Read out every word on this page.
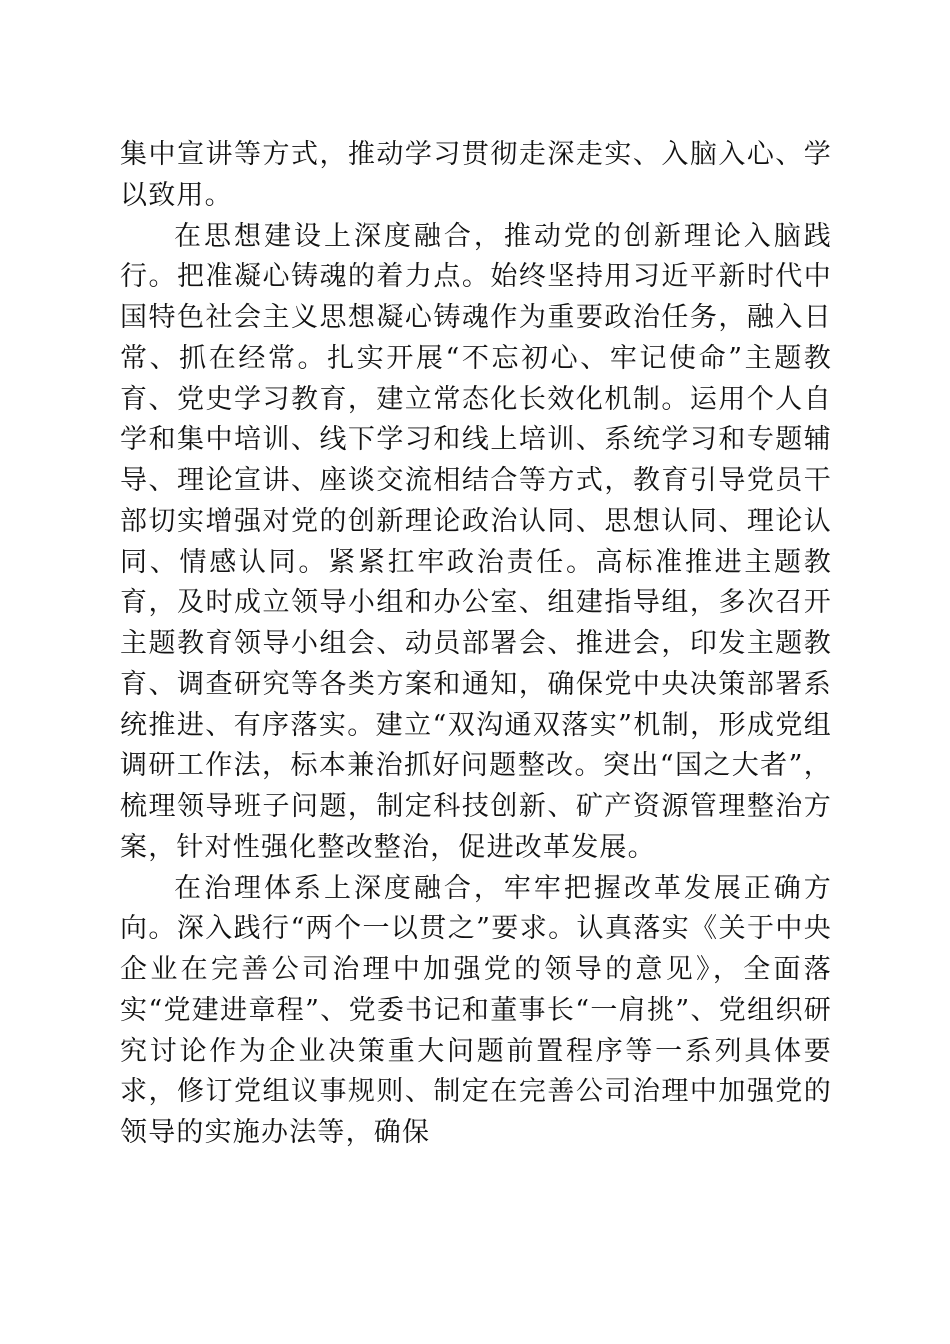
集中宣讲等方式，推动学习贯彻走深走实、入脑入心、学以致用。

在思想建设上深度融合，推动党的创新理论入脑践行。把准凝心铸魂的着力点。始终坚持用习近平新时代中国特色社会主义思想凝心铸魂作为重要政治任务，融入日常、抓在经常。扎实开展“不忘初心、牢记使命”主题教育、党史学习教育，建立常态化长效化机制。运用个人自学和集中培训、线下学习和线上培训、系统学习和专题辅导、理论宣讲、座谈交流相结合等方式，教育引导党员干部切实增强对党的创新理论政治认同、思想认同、理论认同、情感认同。紧紧扛牢政治责任。高标准推进主题教育，及时成立领导小组和办公室、组建指导组，多次召开主题教育领导小组会、动员部署会、推进会，印发主题教育、调查研究等各类方案和通知，确保党中央决策部署系统推进、有序落实。建立“双沟通双落实”机制，形成党组调研工作法，标本兼治抓好问题整改。突出“国之大者”，梳理领导班子问题，制定科技创新、矿产资源管理整治方案，针对性强化整改整治，促进改革发展。

在治理体系上深度融合，牢牢把握改革发展正确方向。深入践行“两个一以贯之”要求。认真落实《关于中央企业在完善公司治理中加强党的领导的意见》，全面落实“党建进章程”、党委书记和董事长“一肩挑”、党组织研究讨论作为企业决策重大问题前置程序等一系列具体要求，修订党组议事规则、制定在完善公司治理中加强党的领导的实施办法等，确保
